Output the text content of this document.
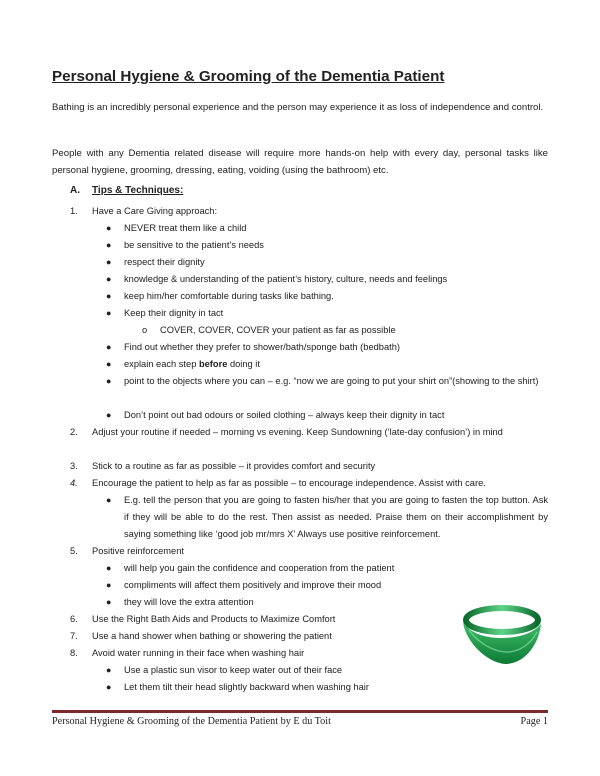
Personal Hygiene & Grooming of the Dementia Patient
Bathing is an incredibly personal experience and the person may experience it as loss of independence and control.
People with any Dementia related disease will require more hands-on help with every day, personal tasks like personal hygiene, grooming, dressing, eating, voiding (using the bathroom) etc.
A. Tips & Techniques:
1. Have a Care Giving approach:
● NEVER treat them like a child
● be sensitive to the patient’s needs
● respect their dignity
● knowledge & understanding of the patient’s history, culture, needs and feelings
● keep him/her comfortable during tasks like bathing.
● Keep their dignity in tact
o COVER, COVER, COVER your patient as far as possible
● Find out whether they prefer to shower/bath/sponge bath (bedbath)
● explain each step before doing it
● point to the objects where you can – e.g. “now we are going to put your shirt on”(showing to the shirt)
● Don’t point out bad odours or soiled clothing – always keep their dignity in tact
2. Adjust your routine if needed – morning vs evening. Keep Sundowning (‘late-day confusion’) in mind
3. Stick to a routine as far as possible – it provides comfort and security
4. Encourage the patient to help as far as possible – to encourage independence. Assist with care.
● E.g. tell the person that you are going to fasten his/her that you are going to fasten the top button. Ask if they will be able to do the rest. Then assist as needed. Praise them on their accomplishment by saying something like ‘good job mr/mrs X’ Always use positive reinforcement.
5. Positive reinforcement
● will help you gain the confidence and cooperation from the patient
● compliments will affect them positively and improve their mood
● they will love the extra attention
6. Use the Right Bath Aids and Products to Maximize Comfort
7. Use a hand shower when bathing or showering the patient
8. Avoid water running in their face when washing hair
● Use a plastic sun visor to keep water out of their face
● Let them tilt their head slightly backward when washing hair
Personal Hygiene & Grooming of the Dementia Patient by E du Toit	Page 1
